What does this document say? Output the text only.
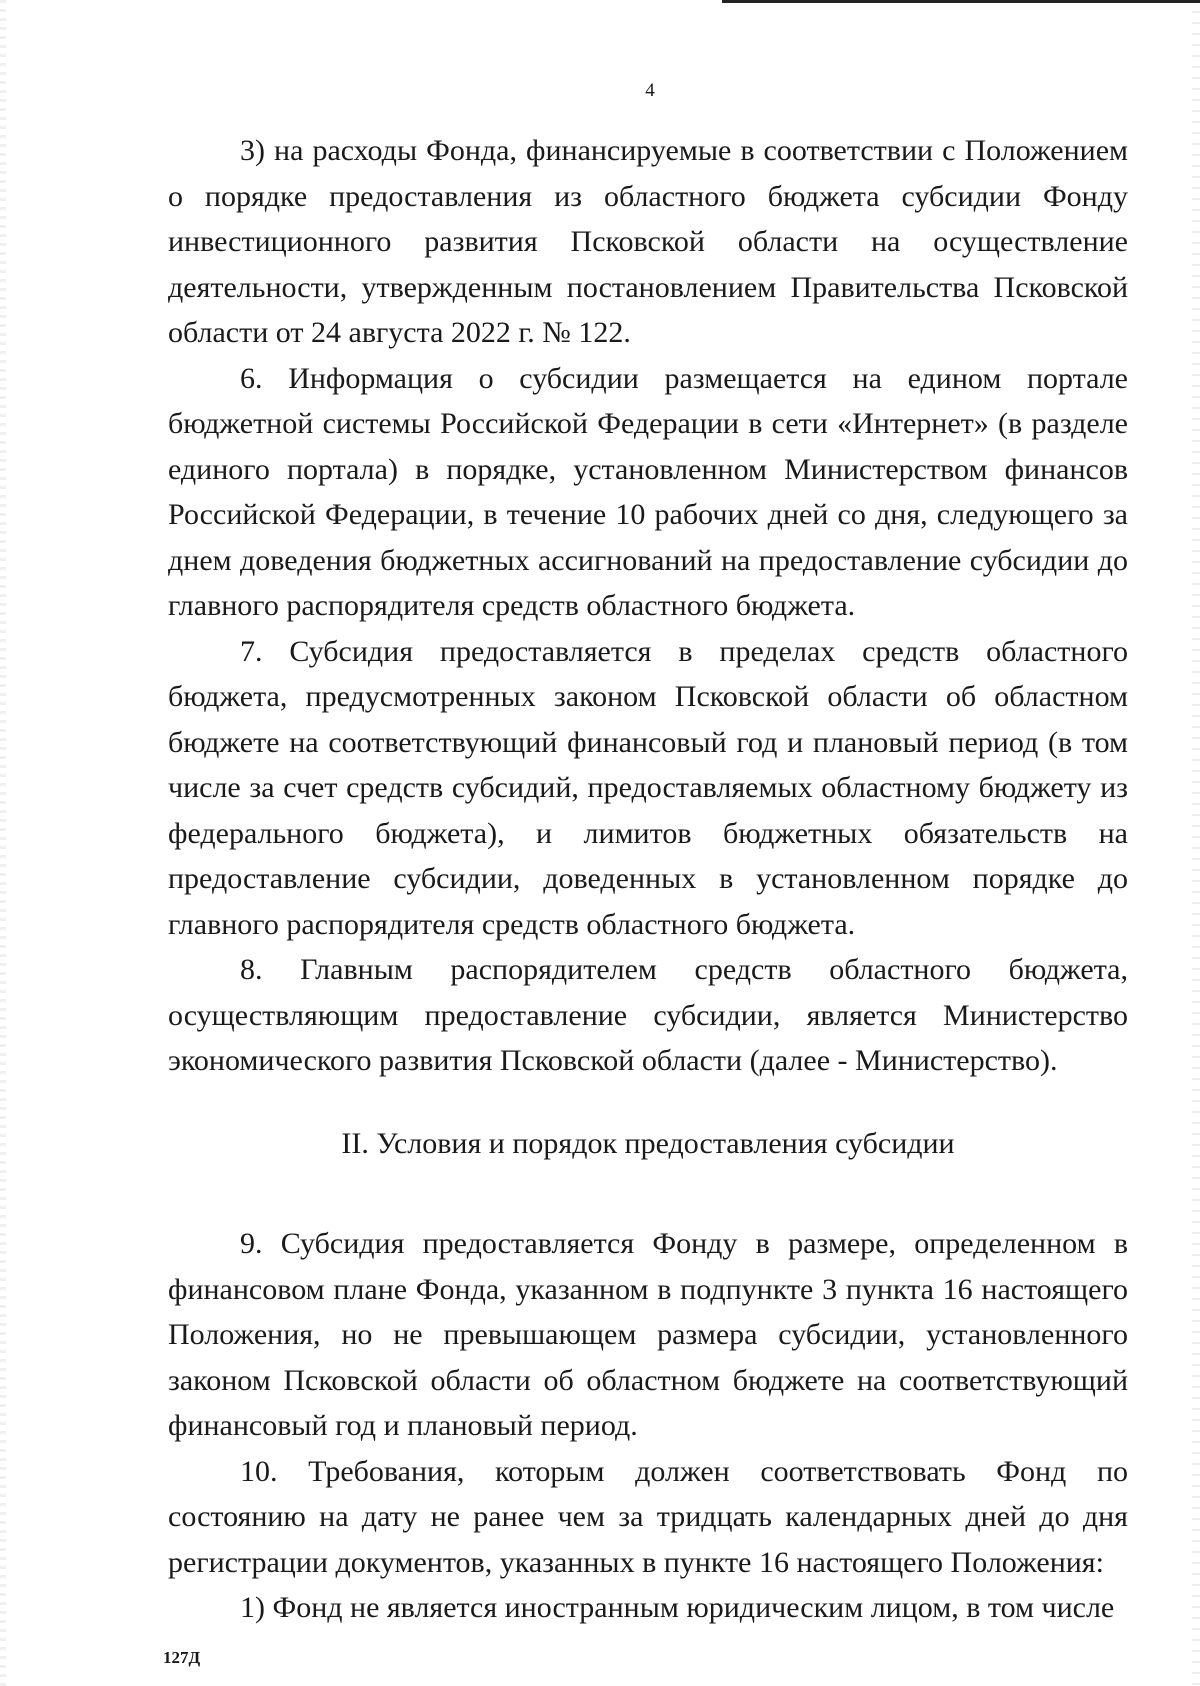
4

3) на расходы Фонда, финансируемые в соответствии с Положением о порядке предоставления из областного бюджета субсидии Фонду инвестиционного развития Псковской области на осуществление деятельности, утвержденным постановлением Правительства Псковской области от 24 августа 2022 г. № 122.

6. Информация о субсидии размещается на едином портале бюджетной системы Российской Федерации в сети «Интернет» (в разделе единого портала) в порядке, установленном Министерством финансов Российской Федерации, в течение 10 рабочих дней со дня, следующего за днем доведения бюджетных ассигнований на предоставление субсидии до главного распорядителя средств областного бюджета.

7. Субсидия предоставляется в пределах средств областного бюджета, предусмотренных законом Псковской области об областном бюджете на соответствующий финансовый год и плановый период (в том числе за счет средств субсидий, предоставляемых областному бюджету из федерального бюджета), и лимитов бюджетных обязательств на предоставление субсидии, доведенных в установленном порядке до главного распорядителя средств областного бюджета.

8. Главным распорядителем средств областного бюджета, осуществляющим предоставление субсидии, является Министерство экономического развития Псковской области (далее - Министерство).

II. Условия и порядок предоставления субсидии

9. Субсидия предоставляется Фонду в размере, определенном в финансовом плане Фонда, указанном в подпункте 3 пункта 16 настоящего Положения, но не превышающем размера субсидии, установленного законом Псковской области об областном бюджете на соответствующий финансовый год и плановый период.

10. Требования, которым должен соответствовать Фонд по состоянию на дату не ранее чем за тридцать календарных дней до дня регистрации документов, указанных в пункте 16 настоящего Положения:

1) Фонд не является иностранным юридическим лицом, в том числе

127Д
